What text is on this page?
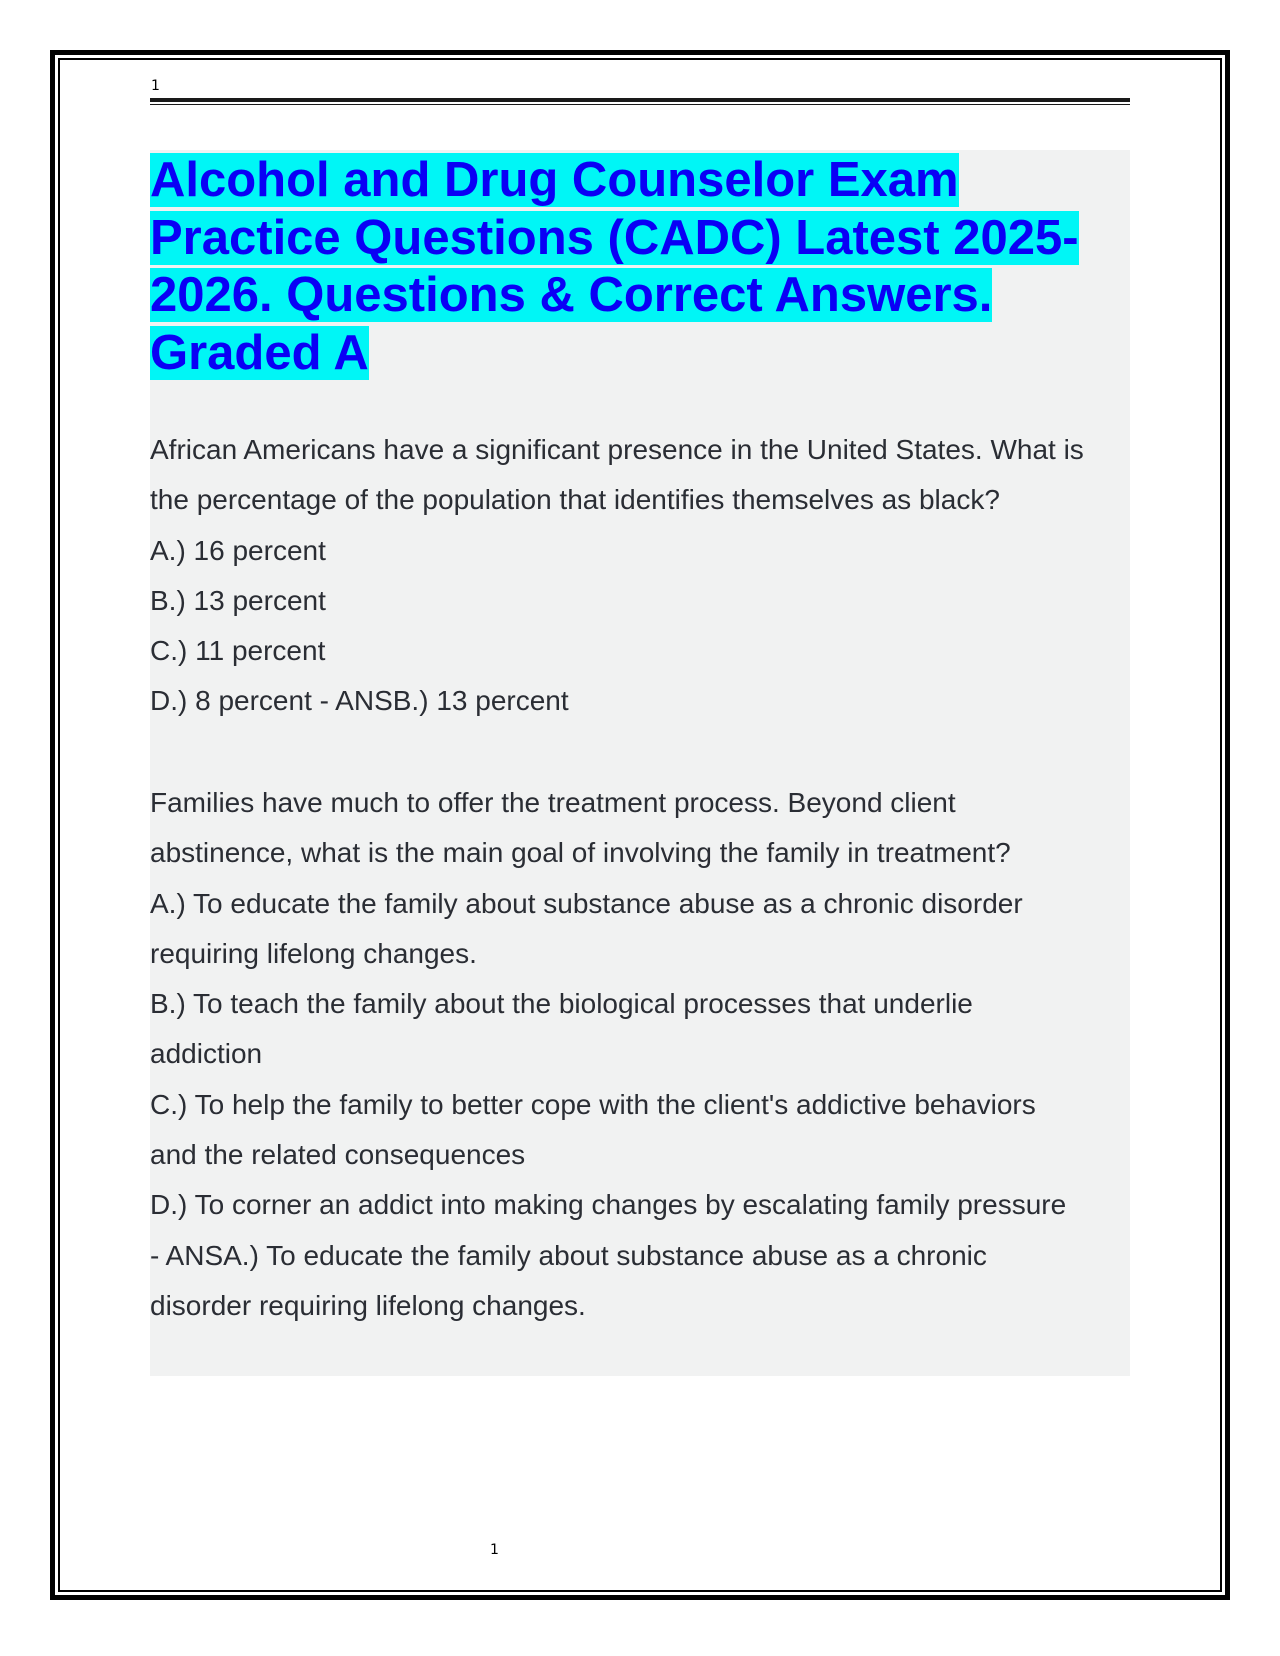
1
Alcohol and Drug Counselor Exam Practice Questions (CADC) Latest 2025-2026. Questions & Correct Answers. Graded A

African Americans have a significant presence in the United States. What is

the percentage of the population that identifies themselves as black?

A.) 16 percent

B.) 13 percent

C.) 11 percent

D.) 8 percent - ANSB.) 13 percent

Families have much to offer the treatment process. Beyond client

abstinence, what is the main goal of involving the family in treatment?

A.) To educate the family about substance abuse as a chronic disorder

requiring lifelong changes.

B.) To teach the family about the biological processes that underlie

addiction

C.) To help the family to better cope with the client's addictive behaviors

and the related consequences

D.) To corner an addict into making changes by escalating family pressure

- ANSA.) To educate the family about substance abuse as a chronic

disorder requiring lifelong changes.

1
